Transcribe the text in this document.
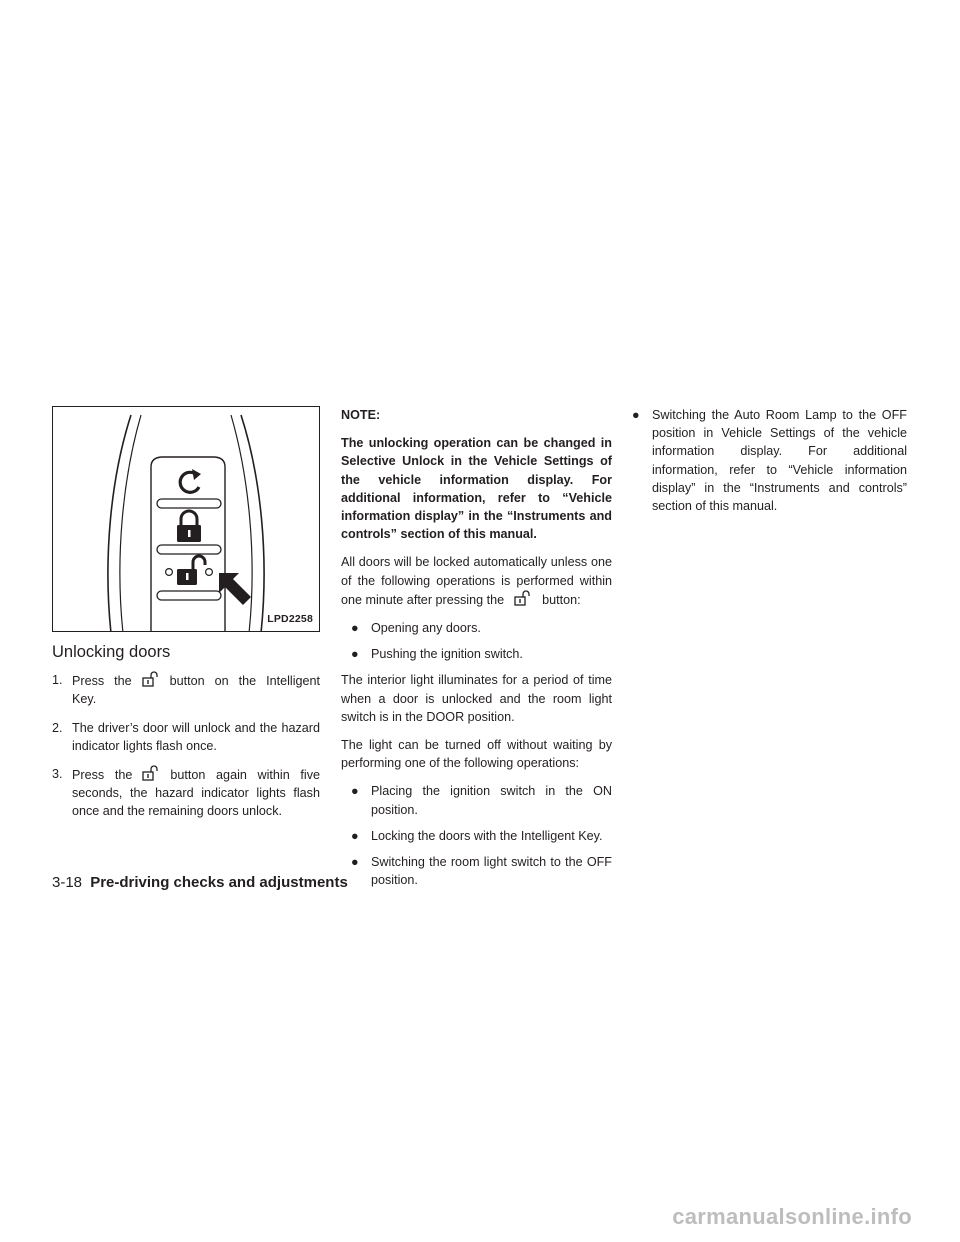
LPD2258
Unlocking doors
1. Press the	button on the Intelligent Key.
2. The driver’s door will unlock and the hazard indicator lights flash once.
3. Press the	button again within five seconds, the hazard indicator lights flash once and the remaining doors unlock.
NOTE:
The unlocking operation can be changed in Selective Unlock in the Vehicle Settings of the vehicle information display. For additional information, refer to “Vehicle information display” in the “Instruments and controls” section of this manual.

All doors will be locked automatically unless one of the following operations is performed within one minute after pressing the	button:

● Opening any doors.
● Pushing the ignition switch.

The interior light illuminates for a period of time when a door is unlocked and the room light switch is in the DOOR position.

The light can be turned off without waiting by performing one of the following operations:

● Placing the ignition switch in the ON position.
● Locking the doors with the Intelligent Key.
● Switching the room light switch to the OFF position.
● Switching the Auto Room Lamp to the OFF position in Vehicle Settings of the vehicle information display. For additional information, refer to “Vehicle information display” in the “Instruments and controls” section of this manual.
3-18 Pre-driving checks and adjustments
carmanualsonline.info
